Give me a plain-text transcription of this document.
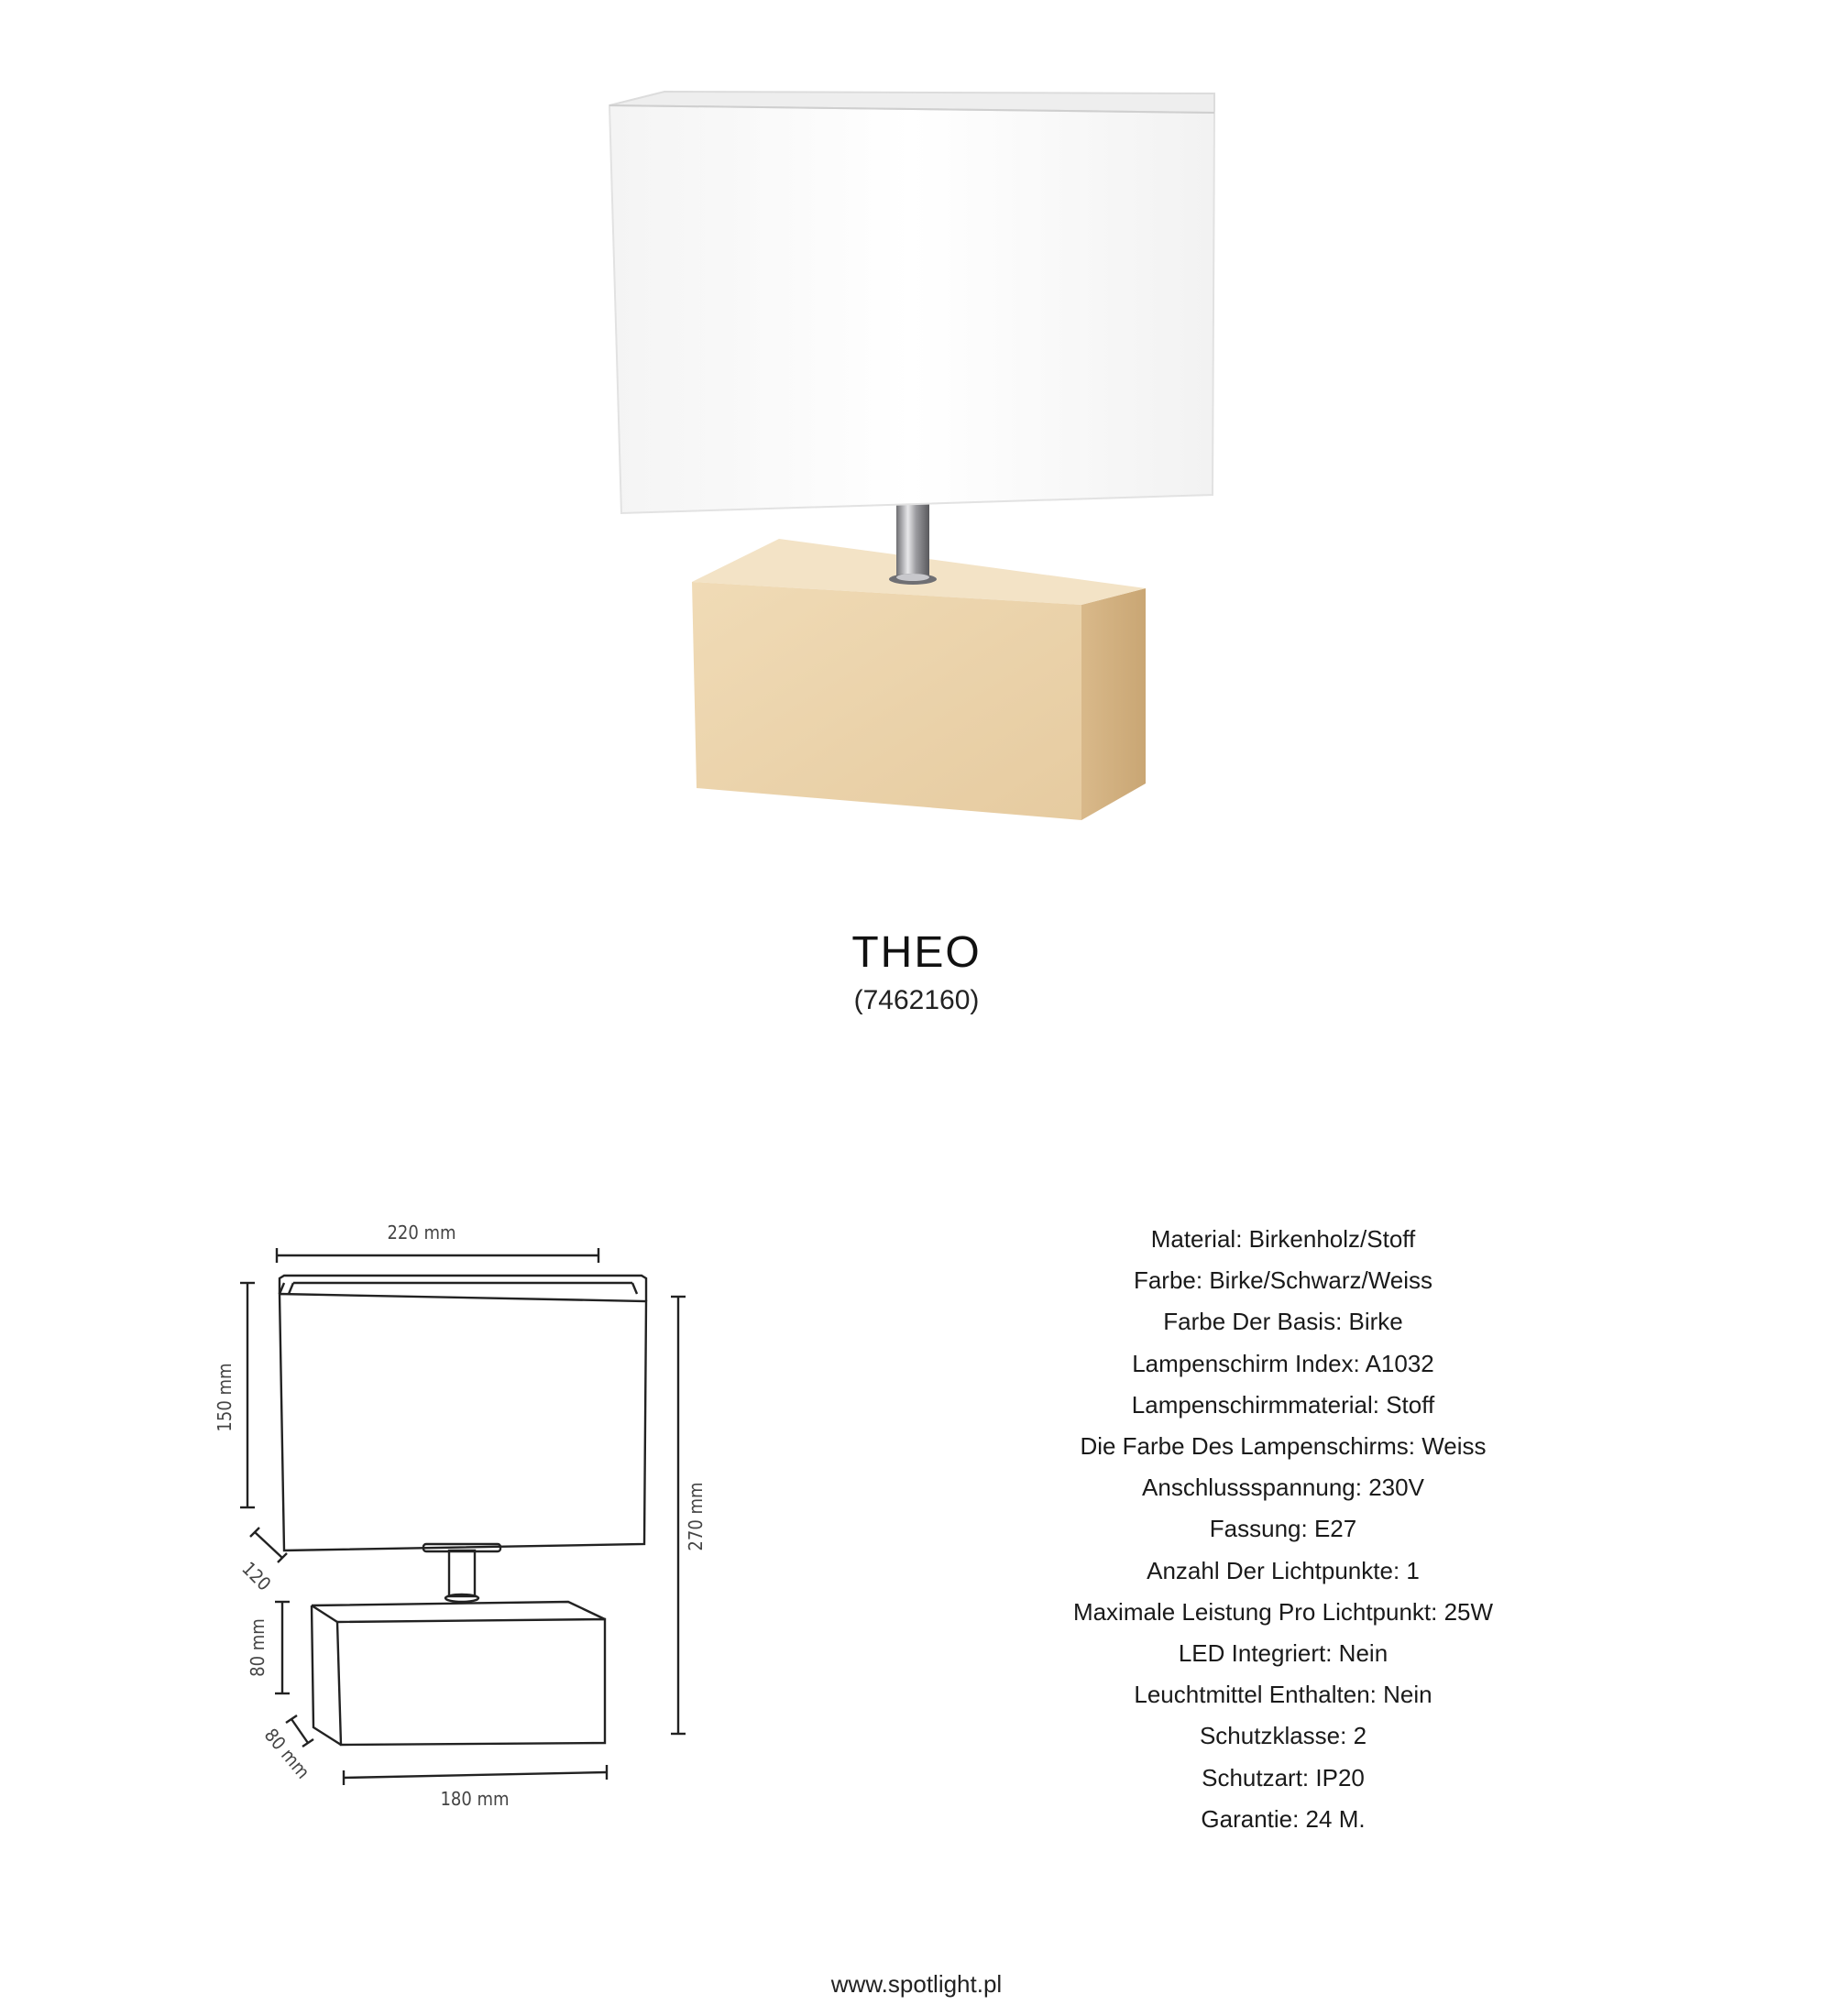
THEO
(7462160)
220 mm
150 mm
270 mm
120
80 mm
80 mm
180 mm
Material: Birkenholz/Stoff
Farbe: Birke/Schwarz/Weiss
Farbe Der Basis: Birke
Lampenschirm Index: A1032
Lampenschirmmaterial: Stoff
Die Farbe Des Lampenschirms: Weiss
Anschlussspannung: 230V
Fassung: E27
Anzahl Der Lichtpunkte: 1
Maximale Leistung Pro Lichtpunkt: 25W
LED Integriert: Nein
Leuchtmittel Enthalten: Nein
Schutzklasse: 2
Schutzart: IP20
Garantie: 24 M.
www.spotlight.pl
